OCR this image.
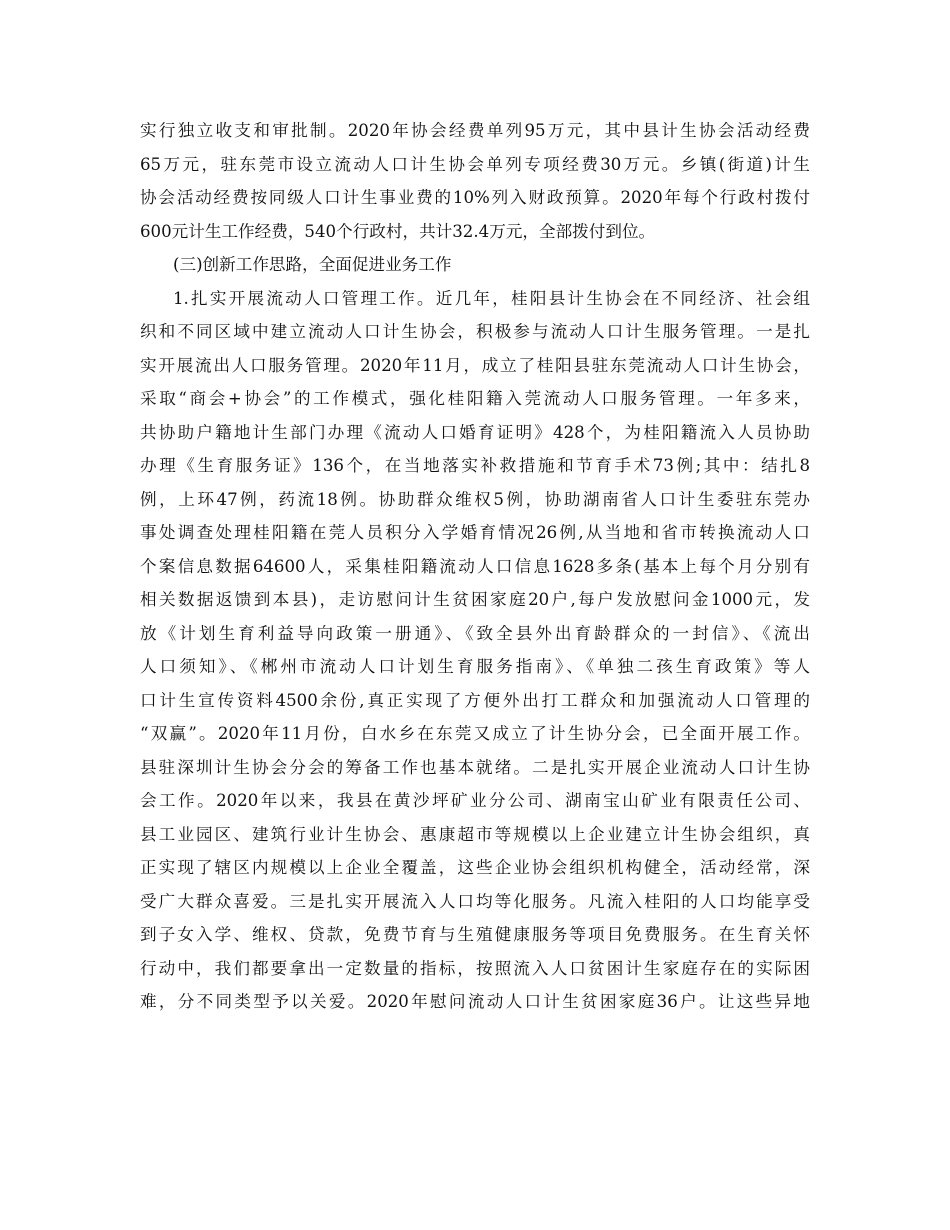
实行独立收支和审批制。2020年协会经费单列95万元，其中县计生协会活动经费
65万元，驻东莞市设立流动人口计生协会单列专项经费30万元。乡镇(街道)计生
协会活动经费按同级人口计生事业费的10%列入财政预算。2020年每个行政村拨付
600元计生工作经费，540个行政村，共计32.4万元，全部拨付到位。
(三)创新工作思路，全面促进业务工作
1.扎实开展流动人口管理工作。近几年，桂阳县计生协会在不同经济、社会组
织和不同区域中建立流动人口计生协会，积极参与流动人口计生服务管理。一是扎
实开展流出人口服务管理。2020年11月，成立了桂阳县驻东莞流动人口计生协会，
采取“商会+协会”的工作模式，强化桂阳籍入莞流动人口服务管理。一年多来，
共协助户籍地计生部门办理《流动人口婚育证明》428个，为桂阳籍流入人员协助
办理《生育服务证》136个，在当地落实补救措施和节育手术73例;其中：结扎8
例，上环47例，药流18例。协助群众维权5例，协助湖南省人口计生委驻东莞办
事处调查处理桂阳籍在莞人员积分入学婚育情况26例,从当地和省市转换流动人口
个案信息数据64600人，采集桂阳籍流动人口信息1628多条(基本上每个月分别有
相关数据返馈到本县)，走访慰问计生贫困家庭20户,每户发放慰问金1000元，发
放《计划生育利益导向政策一册通》、《致全县外出育龄群众的一封信》、《流出
人口须知》、《郴州市流动人口计划生育服务指南》、《单独二孩生育政策》等人
口计生宣传资料4500余份,真正实现了方便外出打工群众和加强流动人口管理的
“双赢”。2020年11月份，白水乡在东莞又成立了计生协分会，已全面开展工作。
县驻深圳计生协会分会的筹备工作也基本就绪。二是扎实开展企业流动人口计生协
会工作。2020年以来，我县在黄沙坪矿业分公司、湖南宝山矿业有限责任公司、
县工业园区、建筑行业计生协会、惠康超市等规模以上企业建立计生协会组织，真
正实现了辖区内规模以上企业全覆盖，这些企业协会组织机构健全，活动经常，深
受广大群众喜爱。三是扎实开展流入人口均等化服务。凡流入桂阳的人口均能享受
到子女入学、维权、贷款，免费节育与生殖健康服务等项目免费服务。在生育关怀
行动中，我们都要拿出一定数量的指标，按照流入人口贫困计生家庭存在的实际困
难，分不同类型予以关爱。2020年慰问流动人口计生贫困家庭36户。让这些异地
